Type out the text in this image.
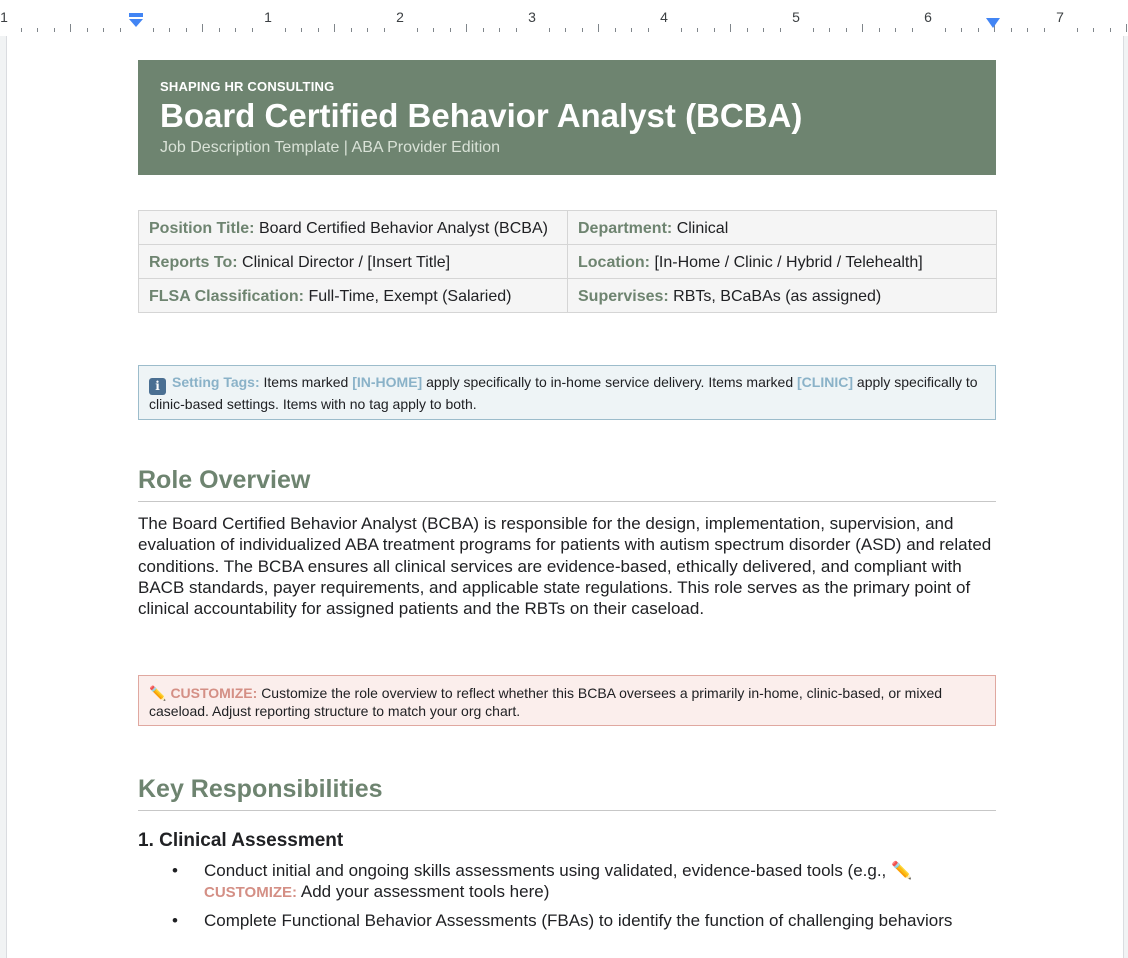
1	1	2	3	4	5	6	7
SHAPING HR CONSULTING
Board Certified Behavior Analyst (BCBA)
Job Description Template | ABA Provider Edition
Position Title: Board Certified Behavior Analyst (BCBA)	Department: Clinical
Reports To: Clinical Director / [Insert Title]	Location: [In-Home / Clinic / Hybrid / Telehealth]
FLSA Classification: Full-Time, Exempt (Salaried)	Supervises: RBTs, BCaBAs (as assigned)
i Setting Tags: Items marked [IN-HOME] apply specifically to in-home service delivery. Items marked [CLINIC] apply specifically to clinic-based settings. Items with no tag apply to both.
Role Overview

The Board Certified Behavior Analyst (BCBA) is responsible for the design, implementation, supervision, and evaluation of individualized ABA treatment programs for patients with autism spectrum disorder (ASD) and related conditions. The BCBA ensures all clinical services are evidence-based, ethically delivered, and compliant with BACB standards, payer requirements, and applicable state regulations. This role serves as the primary point of clinical accountability for assigned patients and the RBTs on their caseload.

✏️ CUSTOMIZE: Customize the role overview to reflect whether this BCBA oversees a primarily in-home, clinic-based, or mixed caseload. Adjust reporting structure to match your org chart.
Key Responsibilities
1. Clinical Assessment
• Conduct initial and ongoing skills assessments using validated, evidence-based tools (e.g., ✏️
CUSTOMIZE: Add your assessment tools here)
• Complete Functional Behavior Assessments (FBAs) to identify the function of challenging behaviors
